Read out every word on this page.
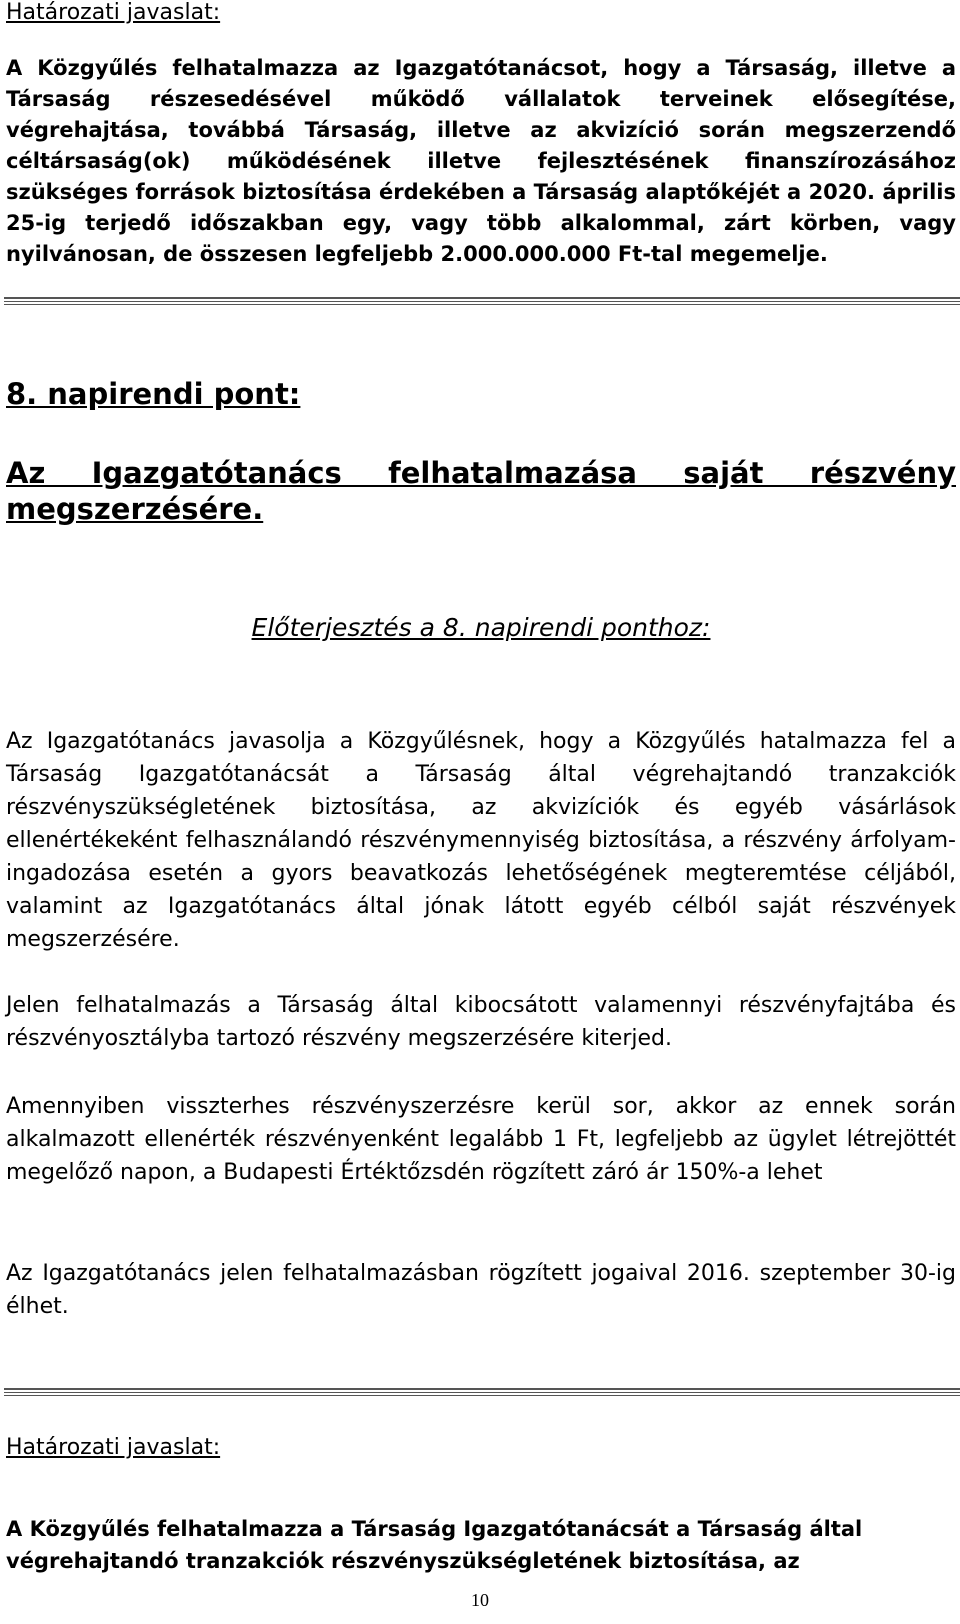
Határozati javaslat:

A Közgyűlés felhatalmazza az Igazgatótanácsot, hogy a Társaság, illetve a Társaság részesedésével működő vállalatok terveinek elősegítése, végrehajtása, továbbá Társaság, illetve az akvizíció során megszerzendő céltársaság(ok) működésének illetve fejlesztésének finanszírozásához szükséges források biztosítása érdekében a Társaság alaptőkéjét a 2020. április 25-ig terjedő időszakban egy, vagy több alkalommal, zárt körben, vagy nyilvánosan, de összesen legfeljebb 2.000.000.000 Ft-tal megemelje.

8. napirendi pont:

Az Igazgatótanács felhatalmazása saját részvény megszerzésére.

Előterjesztés a 8. napirendi ponthoz:

Az Igazgatótanács javasolja a Közgyűlésnek, hogy a Közgyűlés hatalmazza fel a Társaság Igazgatótanácsát a Társaság által végrehajtandó tranzakciók részvényszükségletének biztosítása, az akvizíciók és egyéb vásárlások ellenértékeként felhasználandó részvénymennyiség biztosítása, a részvény árfolyam-ingadozása esetén a gyors beavatkozás lehetőségének megteremtése céljából, valamint az Igazgatótanács által jónak látott egyéb célból saját részvények megszerzésére.

Jelen felhatalmazás a Társaság által kibocsátott valamennyi részvényfajtába és részvényosztályba tartozó részvény megszerzésére kiterjed.

Amennyiben visszterhes részvényszerzésre kerül sor, akkor az ennek során alkalmazott ellenérték részvényenként legalább 1 Ft, legfeljebb az ügylet létrejöttét megelőző napon, a Budapesti Értéktőzsdén rögzített záró ár 150%-a lehet

Az Igazgatótanács jelen felhatalmazásban rögzített jogaival 2016. szeptember 30-ig élhet.

Határozati javaslat:

A Közgyűlés felhatalmazza a Társaság Igazgatótanácsát a Társaság által végrehajtandó tranzakciók részvényszükségletének biztosítása, az

10
